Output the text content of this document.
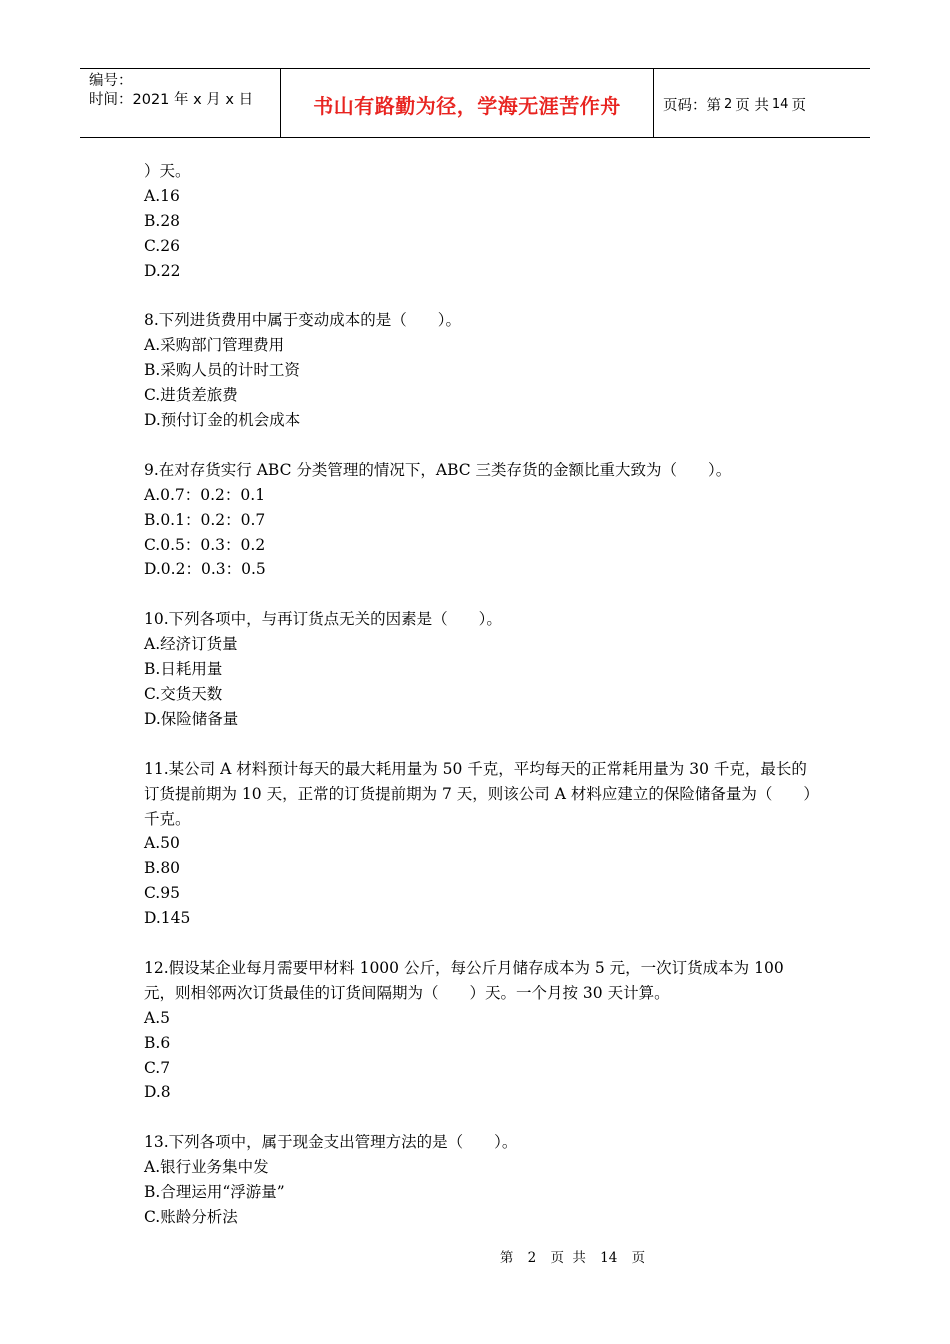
编号：
时间：2021 年 x 月 x 日	书山有路勤为径，学海无涯苦作舟	页码：第 2 页 共 14 页
）天。
A.16
B.28
C.26
D.22
8.下列进货费用中属于变动成本的是（　　）。
A.采购部门管理费用
B.采购人员的计时工资
C.进货差旅费
D.预付订金的机会成本
9.在对存货实行 ABC 分类管理的情况下，ABC 三类存货的金额比重大致为（　　）。
A.0.7：0.2：0.1
B.0.1：0.2：0.7
C.0.5：0.3：0.2
D.0.2：0.3：0.5
10.下列各项中，与再订货点无关的因素是（　　）。
A.经济订货量
B.日耗用量
C.交货天数
D.保险储备量
11.某公司 A 材料预计每天的最大耗用量为 50 千克，平均每天的正常耗用量为 30 千克，最长的订货提前期为 10 天，正常的订货提前期为 7 天，则该公司 A 材料应建立的保险储备量为（　　）千克。
A.50
B.80
C.95
D.145
12.假设某企业每月需要甲材料 1000 公斤，每公斤月储存成本为 5 元，一次订货成本为 100 元，则相邻两次订货最佳的订货间隔期为（　　）天。一个月按 30 天计算。
A.5
B.6
C.7
D.8
13.下列各项中，属于现金支出管理方法的是（　　）。
A.银行业务集中发
B.合理运用“浮游量”
C.账龄分析法
第 2 页 共 14 页
